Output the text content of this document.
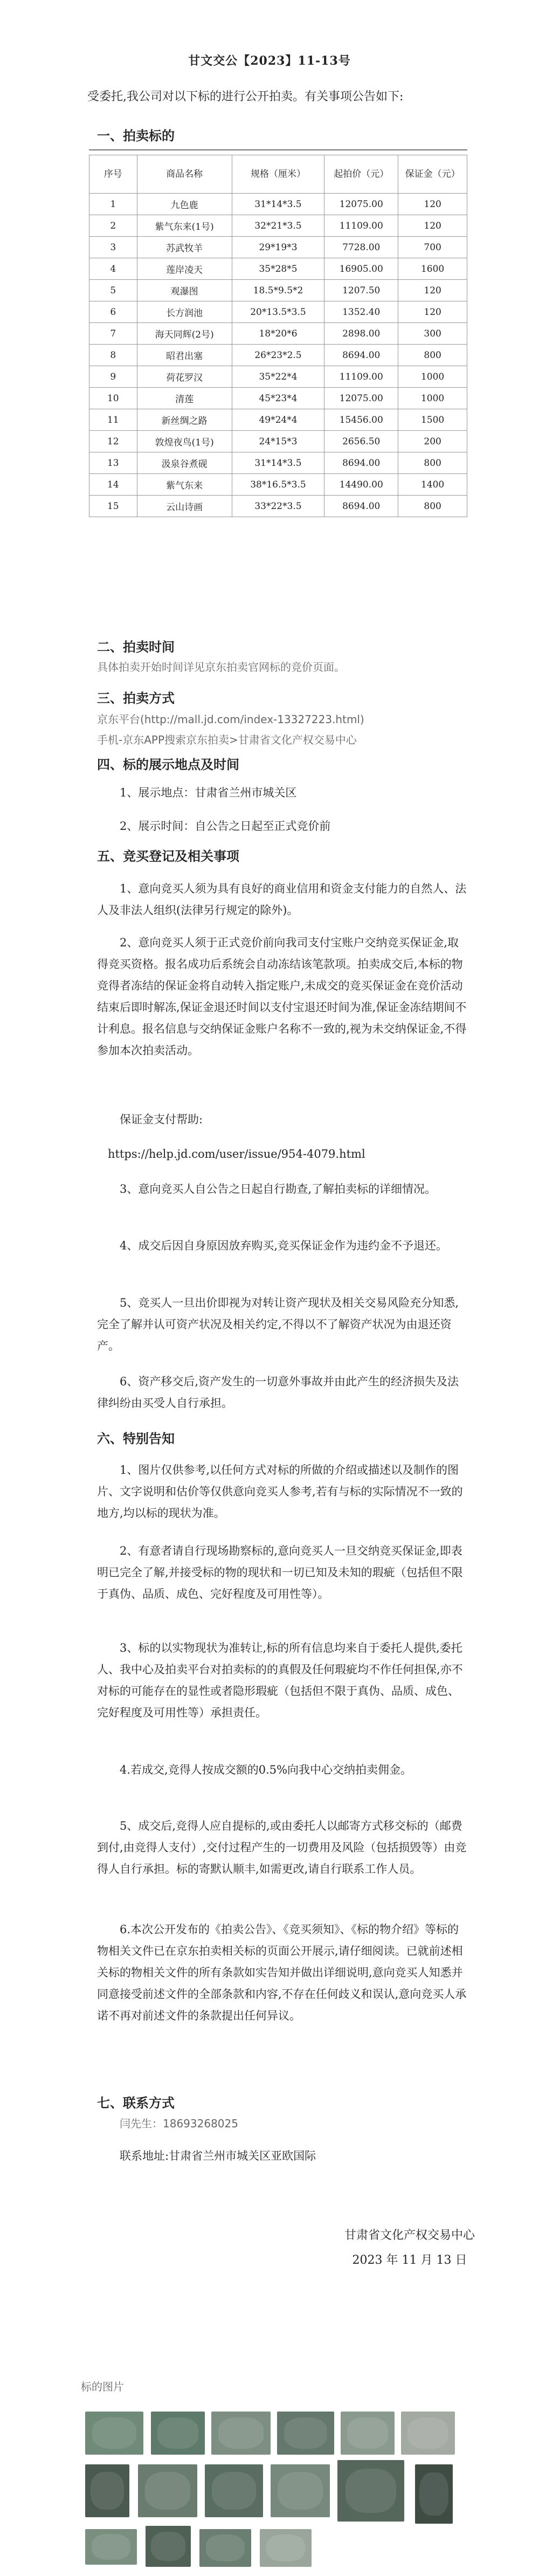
甘文交公【2023】11-13号
受委托,我公司对以下标的进行公开拍卖。有关事项公告如下:
一、拍卖标的
序号	商品名称	规格（厘米）	起拍价（元）	保证金（元）
1	九色鹿	31*14*3.5	12075.00	120
2	紫气东来(1号)	32*21*3.5	11109.00	120
3	苏武牧羊	29*19*3	7728.00	700
4	莲岸凌天	35*28*5	16905.00	1600
5	观瀑图	18.5*9.5*2	1207.50	120
6	长方润池	20*13.5*3.5	1352.40	120
7	海天同辉(2号)	18*20*6	2898.00	300
8	昭君出塞	26*23*2.5	8694.00	800
9	荷花罗汉	35*22*4	11109.00	1000
10	清莲	45*23*4	12075.00	1000
11	新丝绸之路	49*24*4	15456.00	1500
12	敦煌夜鸟(1号)	24*15*3	2656.50	200
13	汲泉谷煮砚	31*14*3.5	8694.00	800
14	紫气东来	38*16.5*3.5	14490.00	1400
15	云山诗画	33*22*3.5	8694.00	800
二、拍卖时间
具体拍卖开始时间详见京东拍卖官网标的竞价页面。
三、拍卖方式
京东平台(http://mall.jd.com/index-13327223.html)
手机-京东APP搜索京东拍卖>甘肃省文化产权交易中心
四、标的展示地点及时间
1、展示地点：甘肃省兰州市城关区
2、展示时间：自公告之日起至正式竞价前
五、竞买登记及相关事项
1、意向竞买人须为具有良好的商业信用和资金支付能力的自然人、法人及非法人组织(法律另行规定的除外)。
2、意向竞买人须于正式竞价前向我司支付宝账户交纳竞买保证金,取得竞买资格。报名成功后系统会自动冻结该笔款项。拍卖成交后,本标的物竞得者冻结的保证金将自动转入指定账户,未成交的竞买保证金在竞价活动结束后即时解冻,保证金退还时间以支付宝退还时间为准,保证金冻结期间不计利息。报名信息与交纳保证金账户名称不一致的,视为未交纳保证金,不得参加本次拍卖活动。
保证金支付帮助:
https://help.jd.com/user/issue/954-4079.html
3、意向竞买人自公告之日起自行勘查,了解拍卖标的详细情况。
4、成交后因自身原因放弃购买,竞买保证金作为违约金不予退还。
5、竞买人一旦出价即视为对转让资产现状及相关交易风险充分知悉,完全了解并认可资产状况及相关约定,不得以不了解资产状况为由退还资产。
6、资产移交后,资产发生的一切意外事故并由此产生的经济损失及法律纠纷由买受人自行承担。
六、特别告知
1、图片仅供参考,以任何方式对标的所做的介绍或描述以及制作的图片、文字说明和估价等仅供意向竞买人参考,若有与标的实际情况不一致的地方,均以标的现状为准。
2、有意者请自行现场勘察标的,意向竞买人一旦交纳竞买保证金,即表明已完全了解,并接受标的物的现状和一切已知及未知的瑕疵（包括但不限于真伪、品质、成色、完好程度及可用性等）。
3、标的以实物现状为准转让,标的所有信息均来自于委托人提供,委托人、我中心及拍卖平台对拍卖标的的真假及任何瑕疵均不作任何担保,亦不对标的可能存在的显性或者隐形瑕疵（包括但不限于真伪、品质、成色、完好程度及可用性等）承担责任。
4.若成交,竞得人按成交额的0.5%向我中心交纳拍卖佣金。
5、成交后,竞得人应自提标的,或由委托人以邮寄方式移交标的（邮费到付,由竞得人支付）,交付过程产生的一切费用及风险（包括损毁等）由竞得人自行承担。标的寄默认顺丰,如需更改,请自行联系工作人员。
6.本次公开发布的《拍卖公告》、《竞买须知》、《标的物介绍》等标的物相关文件已在京东拍卖相关标的页面公开展示,请仔细阅读。已就前述相关标的物相关文件的所有条款如实告知并做出详细说明,意向竞买人知悉并同意接受前述文件的全部条款和内容,不存在任何歧义和误认,意向竞买人承诺不再对前述文件的条款提出任何异议。
七、联系方式
闫先生：18693268025
联系地址:甘肃省兰州市城关区亚欧国际
甘肃省文化产权交易中心
2023 年 11 月 13 日
标的图片
